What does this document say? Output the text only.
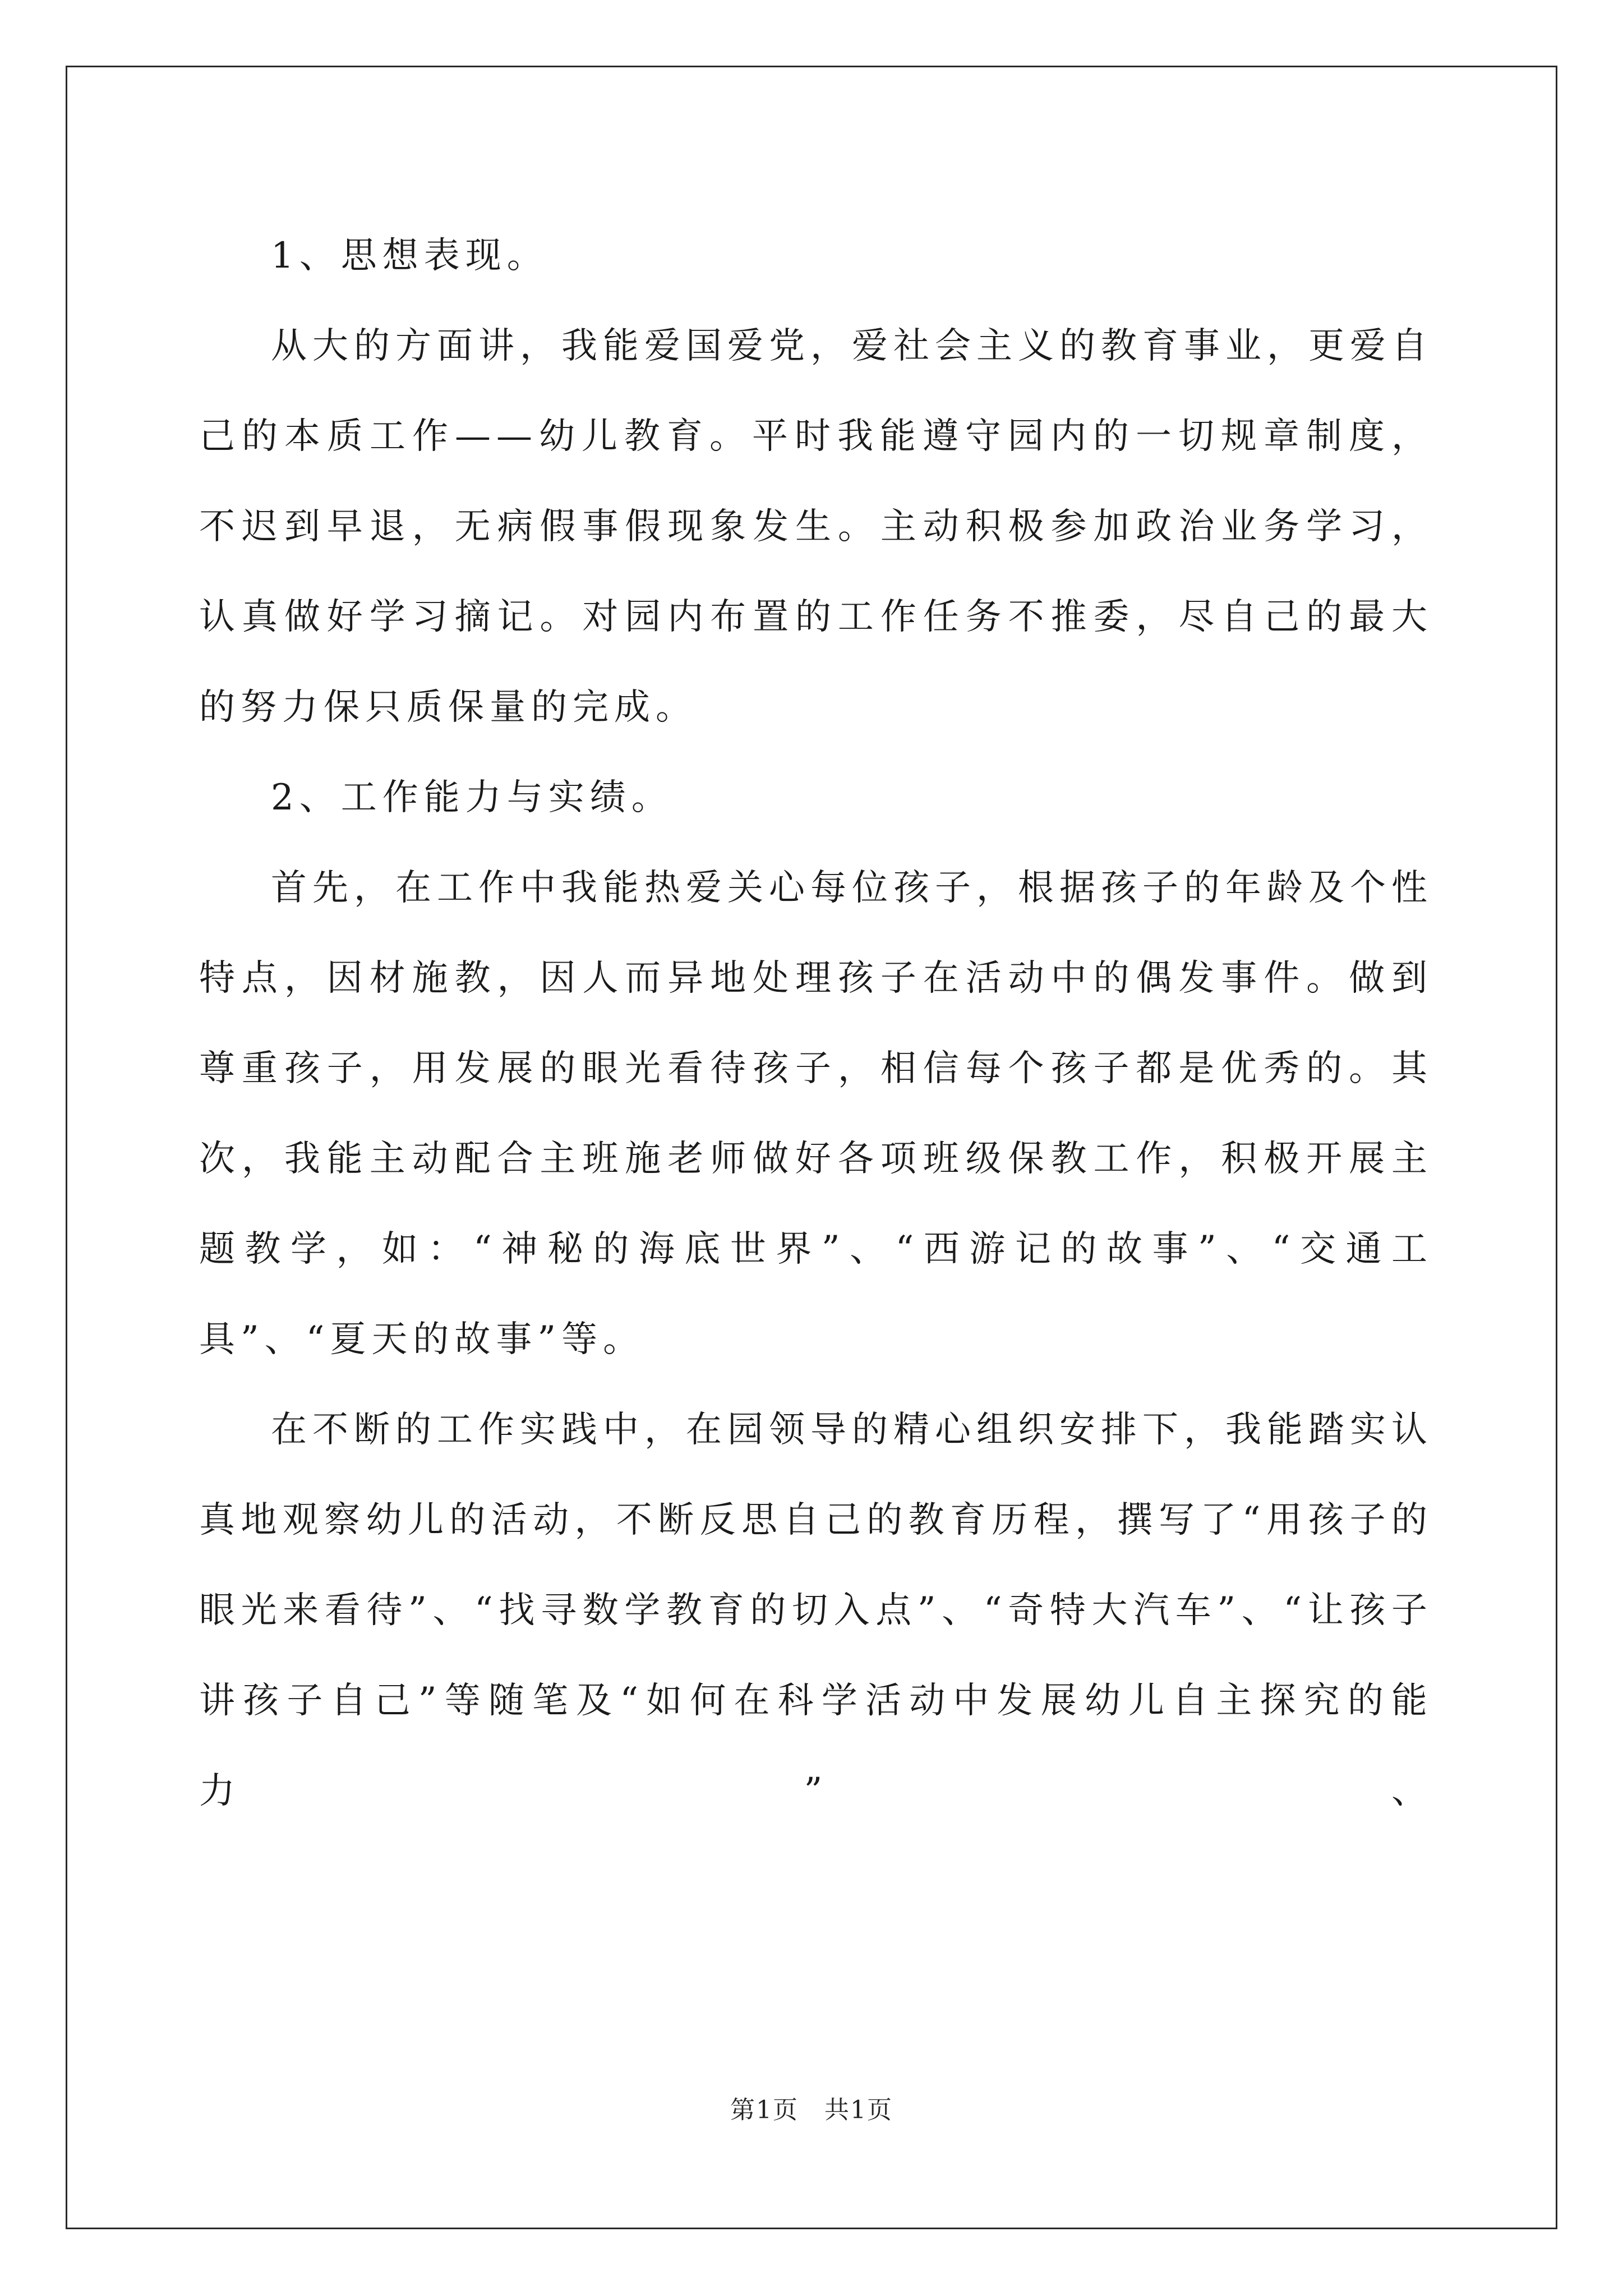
1、思想表现。

从大的方面讲，我能爱国爱党，爱社会主义的教育事业，更爱自己的本质工作——幼儿教育。平时我能遵守园内的一切规章制度，不迟到早退，无病假事假现象发生。主动积极参加政治业务学习，认真做好学习摘记。对园内布置的工作任务不推委，尽自己的最大的努力保只质保量的完成。

2、工作能力与实绩。

首先，在工作中我能热爱关心每位孩子，根据孩子的年龄及个性特点，因材施教，因人而异地处理孩子在活动中的偶发事件。做到尊重孩子，用发展的眼光看待孩子，相信每个孩子都是优秀的。其次，我能主动配合主班施老师做好各项班级保教工作，积极开展主题教学，如：“神秘的海底世界”、“西游记的故事”、“交通工具”、“夏天的故事”等。

在不断的工作实践中，在园领导的精心组织安排下，我能踏实认真地观察幼儿的活动，不断反思自己的教育历程，撰写了“用孩子的眼光来看待”、“找寻数学教育的切入点”、“奇特大汽车”、“让孩子讲孩子自己”等随笔及“如何在科学活动中发展幼儿自主探究的能力”、

第1页　共1页
